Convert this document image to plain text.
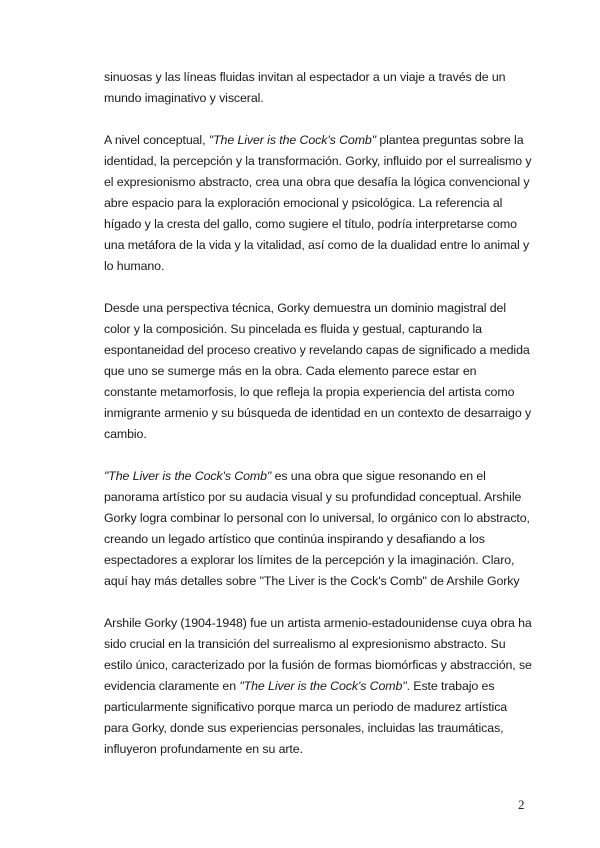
sinuosas y las líneas fluidas invitan al espectador a un viaje a través de un mundo imaginativo y visceral.

A nivel conceptual, "The Liver is the Cock's Comb" plantea preguntas sobre la identidad, la percepción y la transformación. Gorky, influido por el surrealismo y el expresionismo abstracto, crea una obra que desafía la lógica convencional y abre espacio para la exploración emocional y psicológica. La referencia al hígado y la cresta del gallo, como sugiere el título, podría interpretarse como una metáfora de la vida y la vitalidad, así como de la dualidad entre lo animal y lo humano.

Desde una perspectiva técnica, Gorky demuestra un dominio magistral del color y la composición. Su pincelada es fluida y gestual, capturando la espontaneidad del proceso creativo y revelando capas de significado a medida que uno se sumerge más en la obra. Cada elemento parece estar en constante metamorfosis, lo que refleja la propia experiencia del artista como inmigrante armenio y su búsqueda de identidad en un contexto de desarraigo y cambio.

"The Liver is the Cock's Comb" es una obra que sigue resonando en el panorama artístico por su audacia visual y su profundidad conceptual. Arshile Gorky logra combinar lo personal con lo universal, lo orgánico con lo abstracto, creando un legado artístico que continúa inspirando y desafiando a los espectadores a explorar los límites de la percepción y la imaginación. Claro, aquí hay más detalles sobre "The Liver is the Cock's Comb" de Arshile Gorky

Arshile Gorky (1904-1948) fue un artista armenio-estadounidense cuya obra ha sido crucial en la transición del surrealismo al expresionismo abstracto. Su estilo único, caracterizado por la fusión de formas biomórficas y abstracción, se evidencia claramente en "The Liver is the Cock's Comb". Este trabajo es particularmente significativo porque marca un periodo de madurez artística para Gorky, donde sus experiencias personales, incluidas las traumáticas, influyeron profundamente en su arte.

2
